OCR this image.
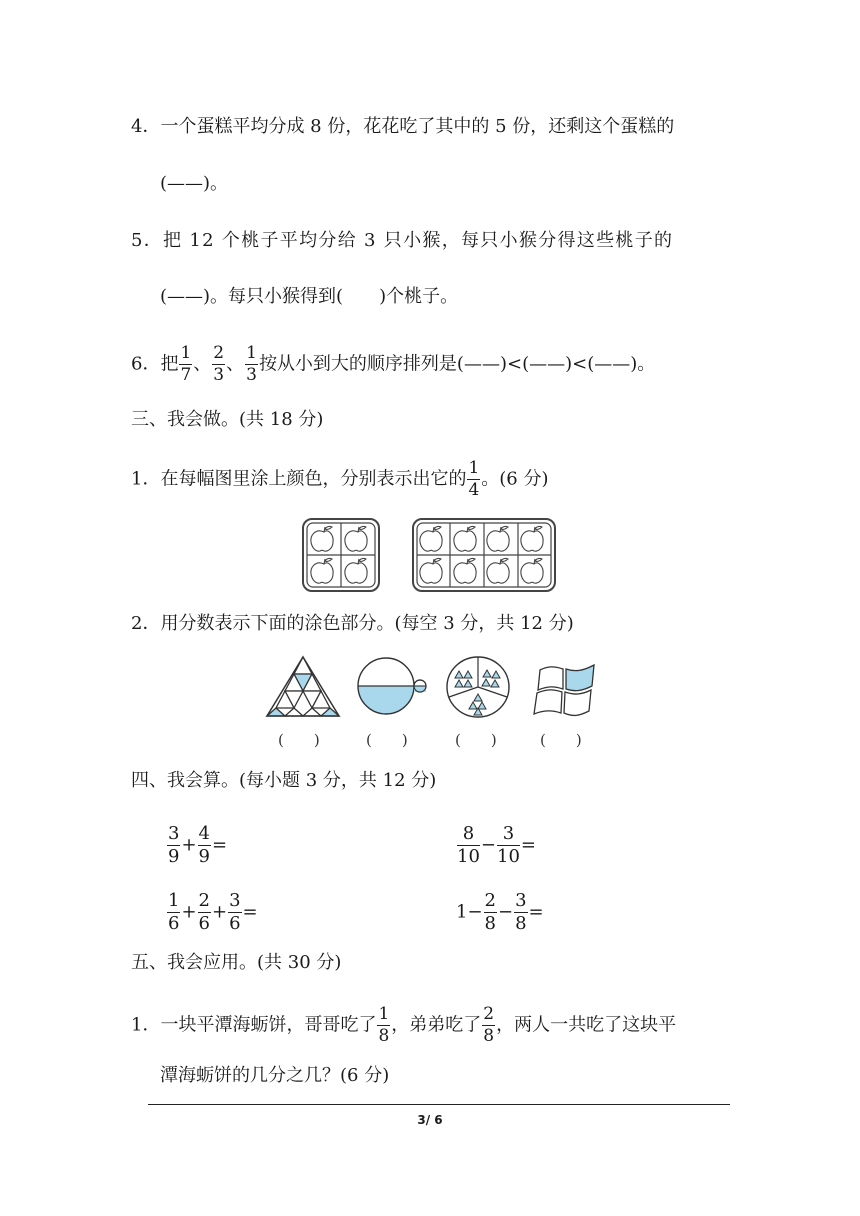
4．一个蛋糕平均分成 8 份，花花吃了其中的 5 份，还剩这个蛋糕的
(——)。
5．把 12 个桃子平均分给 3 只小猴，每只小猴分得这些桃子的
(——)。每只小猴得到(　　)个桃子。
6．把 $\frac{1}{7}$ 、 $\frac{2}{3}$ 、 $\frac{1}{3}$ 按从小到大的顺序排列是(——)<(——)<(——)。
三、我会做。(共 18 分)
1．在每幅图里涂上颜色，分别表示出它的 $\frac{1}{4}$ 。(6 分)
2．用分数表示下面的涂色部分。(每空 3 分，共 12 分)
(　　)	(　　)	(　　)	(　　)
四、我会算。(每小题 3 分，共 12 分)
$\frac{3}{9} + \frac{4}{9}$ =	$\frac{8}{10} - \frac{3}{10}$ =
$\frac{1}{6} + \frac{2}{6} + \frac{3}{6}$ =	$1- \frac{2}{8} - \frac{3}{8}$ =
五、我会应用。(共 30 分)
1．一块平潭海蛎饼，哥哥吃了 $\frac{1}{8}$ ，弟弟吃了 $\frac{2}{8}$ ，两人一共吃了这块平
潭海蛎饼的几分之几？(6 分)
3/ 6
